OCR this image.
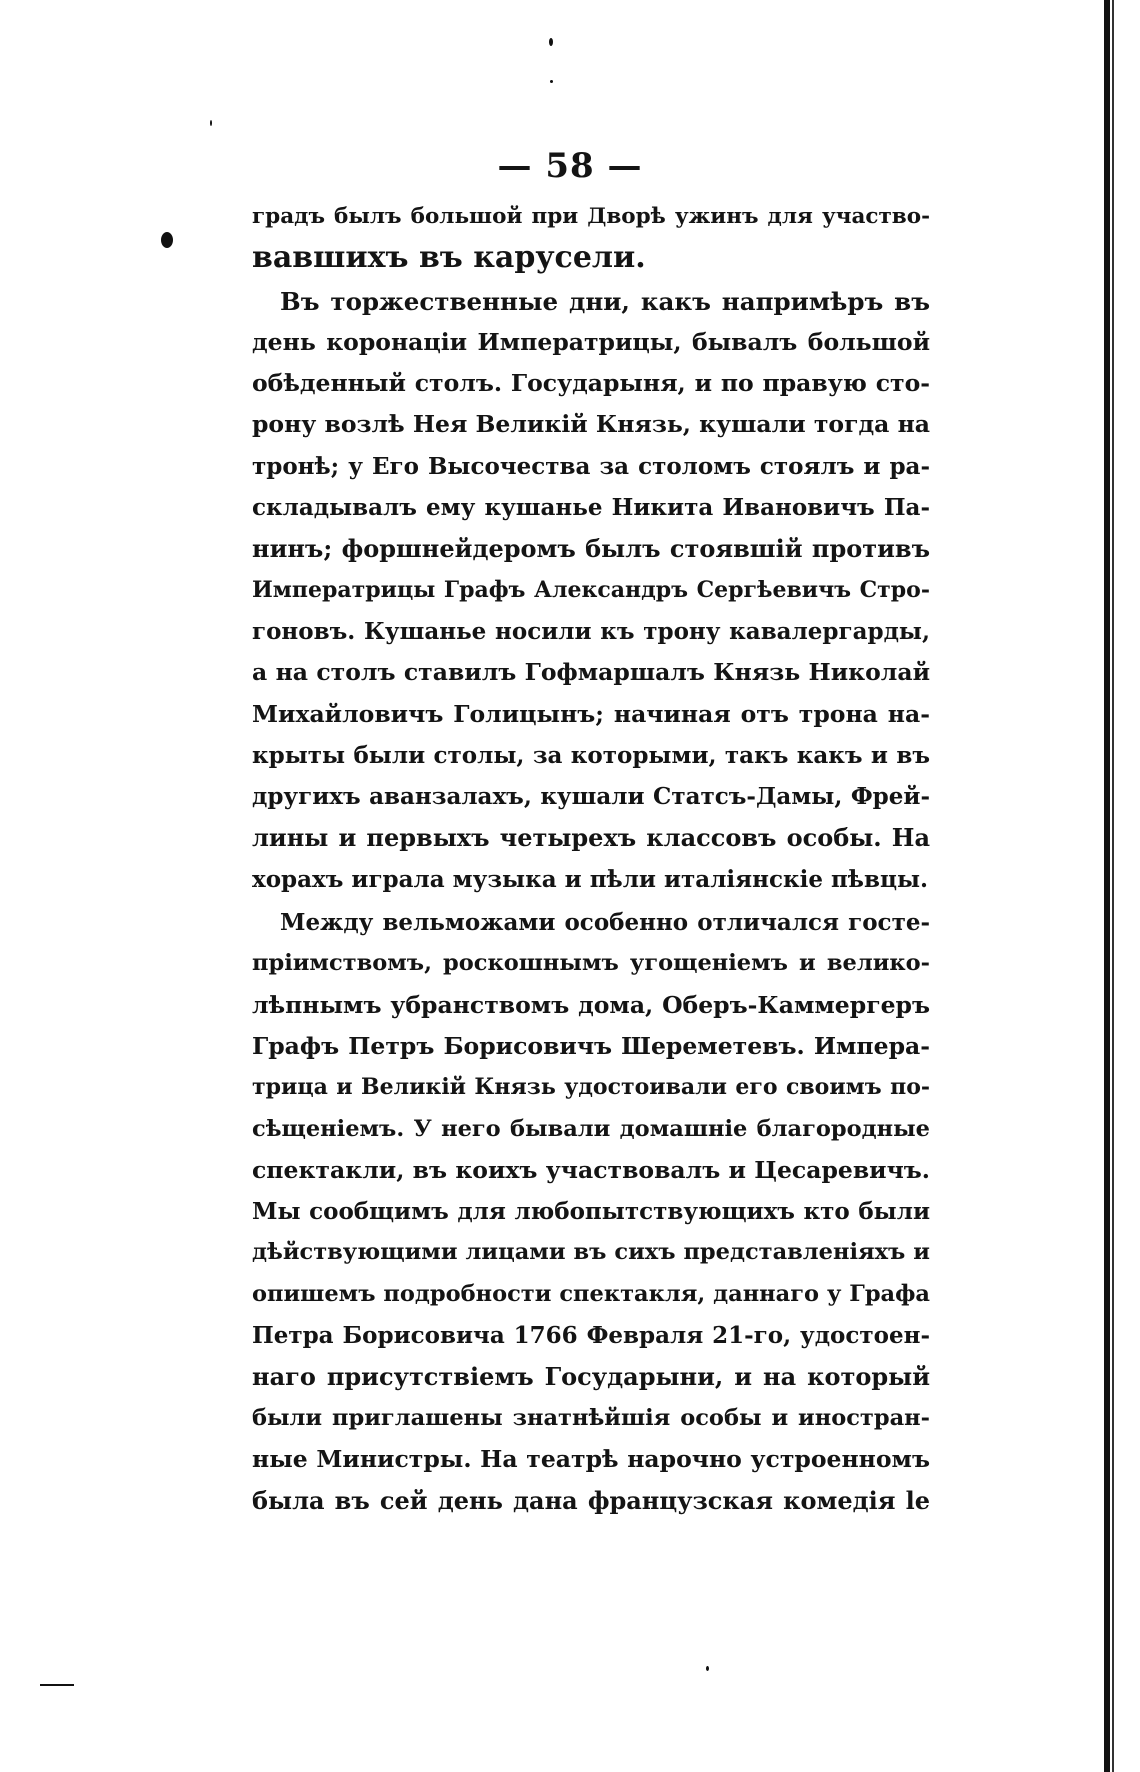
— 58 —
градъ былъ большой при Дворѣ ужинъ для участво-
вавшихъ въ карусели.
Въ торжественные дни, какъ напримѣръ въ
день коронаціи Императрицы, бывалъ большой
обѣденный столъ. Государыня, и по правую сто-
рону возлѣ Нея Великій Князь, кушали тогда на
тронѣ; у Его Высочества за столомъ стоялъ и ра-
складывалъ ему кушанье Никита Ивановичъ Па-
нинъ; форшнейдеромъ былъ стоявшій противъ
Императрицы Графъ Александръ Сергѣевичъ Стро-
гоновъ. Кушанье носили къ трону кавалергарды,
а на столъ ставилъ Гофмаршалъ Князь Николай
Михайловичъ Голицынъ; начиная отъ трона на-
крыты были столы, за которыми, такъ какъ и въ
другихъ аванзалахъ, кушали Статсъ-Дамы, Фрей-
лины и первыхъ четырехъ классовъ особы. На
хорахъ играла музыка и пѣли италіянскіе пѣвцы.
Между вельможами особенно отличался госте-
пріимствомъ, роскошнымъ угощеніемъ и велико-
лѣпнымъ убранствомъ дома, Оберъ-Каммергеръ
Графъ Петръ Борисовичъ Шереметевъ. Импера-
трица и Великій Князь удостоивали его своимъ по-
сѣщеніемъ. У него бывали домашніе благородные
спектакли, въ коихъ участвовалъ и Цесаревичъ.
Мы сообщимъ для любопытствующихъ кто были
дѣйствующими лицами въ сихъ представленіяхъ и
опишемъ подробности спектакля, даннаго у Графа
Петра Борисовича 1766 Февраля 21-го, удостоен-
наго присутствіемъ Государыни, и на который
были приглашены знатнѣйшія особы и иностран-
ные Министры. На театрѣ нарочно устроенномъ
была въ сей день дана французская комедія le
